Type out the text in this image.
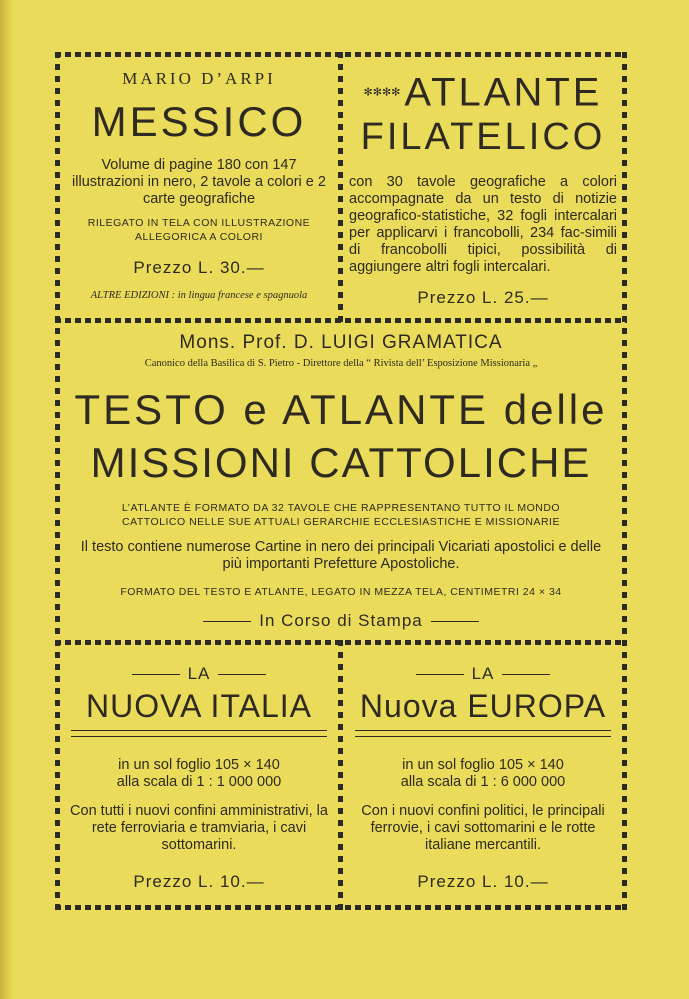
MARIO D’ARPI
MESSICO
Volume di pagine 180 con 147 illustrazioni in nero, 2 tavole a colori e 2 carte geografiche
RILEGATO IN TELA CON ILLUSTRAZIONE ALLEGORICA A COLORI
Prezzo L. 30.—
ALTRE EDIZIONI : in lingua francese e spagnuola
✻✻✻✻ ATLANTE
FILATELICO
con 30 tavole geografiche a colori accompagnate da un testo di notizie geografico-statistiche, 32 fogli intercalari per applicarvi i francobolli, 234 fac-simili di francobolli tipici, possibilità di aggiungere altri fogli intercalari.
Prezzo L. 25.—
Mons. Prof. D. LUIGI GRAMATICA
Canonico della Basilica di S. Pietro - Direttore della “ Rivista dell’ Esposizione Missionaria „
TESTO e ATLANTE delle
MISSIONI CATTOLICHE
L’ATLANTE È FORMATO DA 32 TAVOLE CHE RAPPRESENTANO TUTTO IL MONDO CATTOLICO NELLE SUE ATTUALI GERARCHIE ECCLESIASTICHE E MISSIONARIE
Il testo contiene numerose Cartine in nero dei principali Vicariati apostolici e delle più importanti Prefetture Apostoliche.
FORMATO DEL TESTO E ATLANTE, LEGATO IN MEZZA TELA, CENTIMETRI 24 × 34
In Corso di Stampa
LA
NUOVA ITALIA
in un sol foglio 105 × 140
alla scala di 1 : 1 000 000
Con tutti i nuovi confini amministrativi, la rete ferroviaria e tramviaria, i cavi sottomarini.
Prezzo L. 10.—
LA
Nuova EUROPA
in un sol foglio 105 × 140
alla scala di 1 : 6 000 000
Con i nuovi confini politici, le principali ferrovie, i cavi sottomarini e le rotte italiane mercantili.
Prezzo L. 10.—
